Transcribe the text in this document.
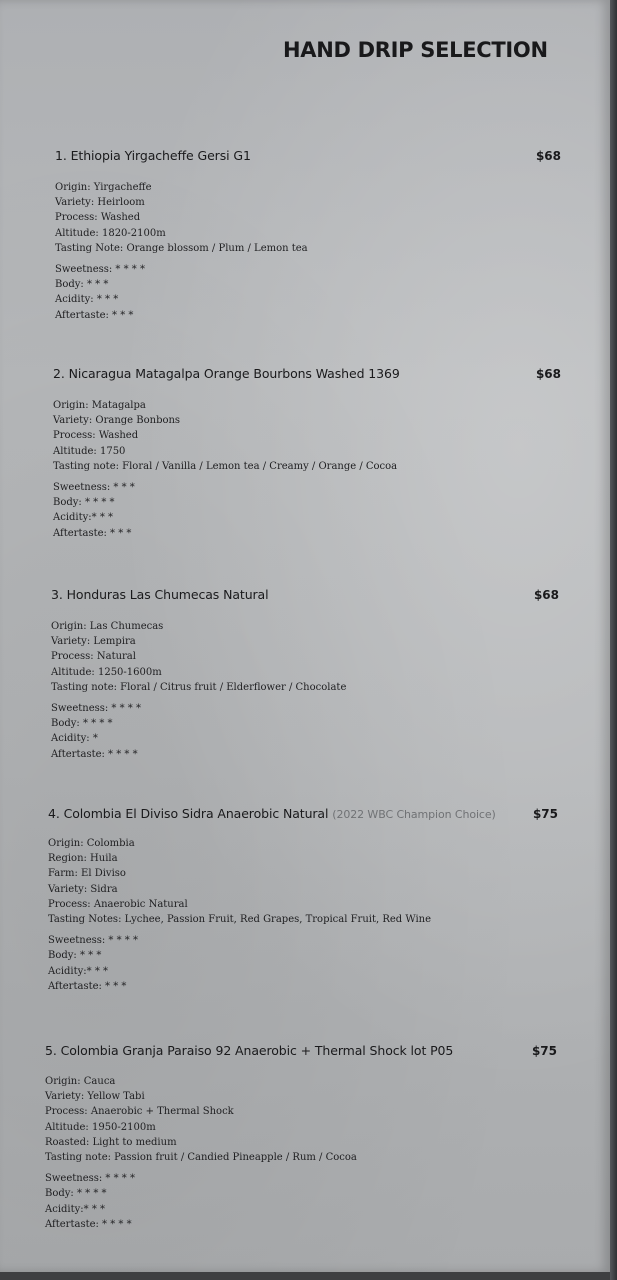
HAND DRIP SELECTION
1. Ethiopia Yirgacheffe Gersi G1	$68
Origin: Yirgacheffe
Variety: Heirloom
Process: Washed
Altitude: 1820-2100m
Tasting Note: Orange blossom / Plum / Lemon tea
Sweetness: * * * *
Body: * * *
Acidity: * * *
Aftertaste: * * *
2. Nicaragua Matagalpa Orange Bourbons Washed 1369	$68
Origin: Matagalpa
Variety: Orange Bonbons
Process: Washed
Altitude: 1750
Tasting note: Floral / Vanilla / Lemon tea / Creamy / Orange / Cocoa
Sweetness: * * *
Body: * * * *
Acidity:* * *
Aftertaste: * * *
3. Honduras Las Chumecas Natural	$68
Origin: Las Chumecas
Variety: Lempira
Process: Natural
Altitude: 1250-1600m
Tasting note: Floral / Citrus fruit / Elderflower / Chocolate
Sweetness: * * * *
Body: * * * *
Acidity: *
Aftertaste: * * * *
4. Colombia El Diviso Sidra Anaerobic Natural (2022 WBC Champion Choice)	$75
Origin: Colombia
Region: Huila
Farm: El Diviso
Variety: Sidra
Process: Anaerobic Natural
Tasting Notes: Lychee, Passion Fruit, Red Grapes, Tropical Fruit, Red Wine
Sweetness: * * * *
Body: * * *
Acidity:* * *
Aftertaste: * * *
5. Colombia Granja Paraiso 92 Anaerobic + Thermal Shock lot P05	$75
Origin: Cauca
Variety: Yellow Tabi
Process: Anaerobic + Thermal Shock
Altitude: 1950-2100m
Roasted: Light to medium
Tasting note: Passion fruit / Candied Pineapple / Rum / Cocoa
Sweetness: * * * *
Body: * * * *
Acidity:* * *
Aftertaste: * * * *
